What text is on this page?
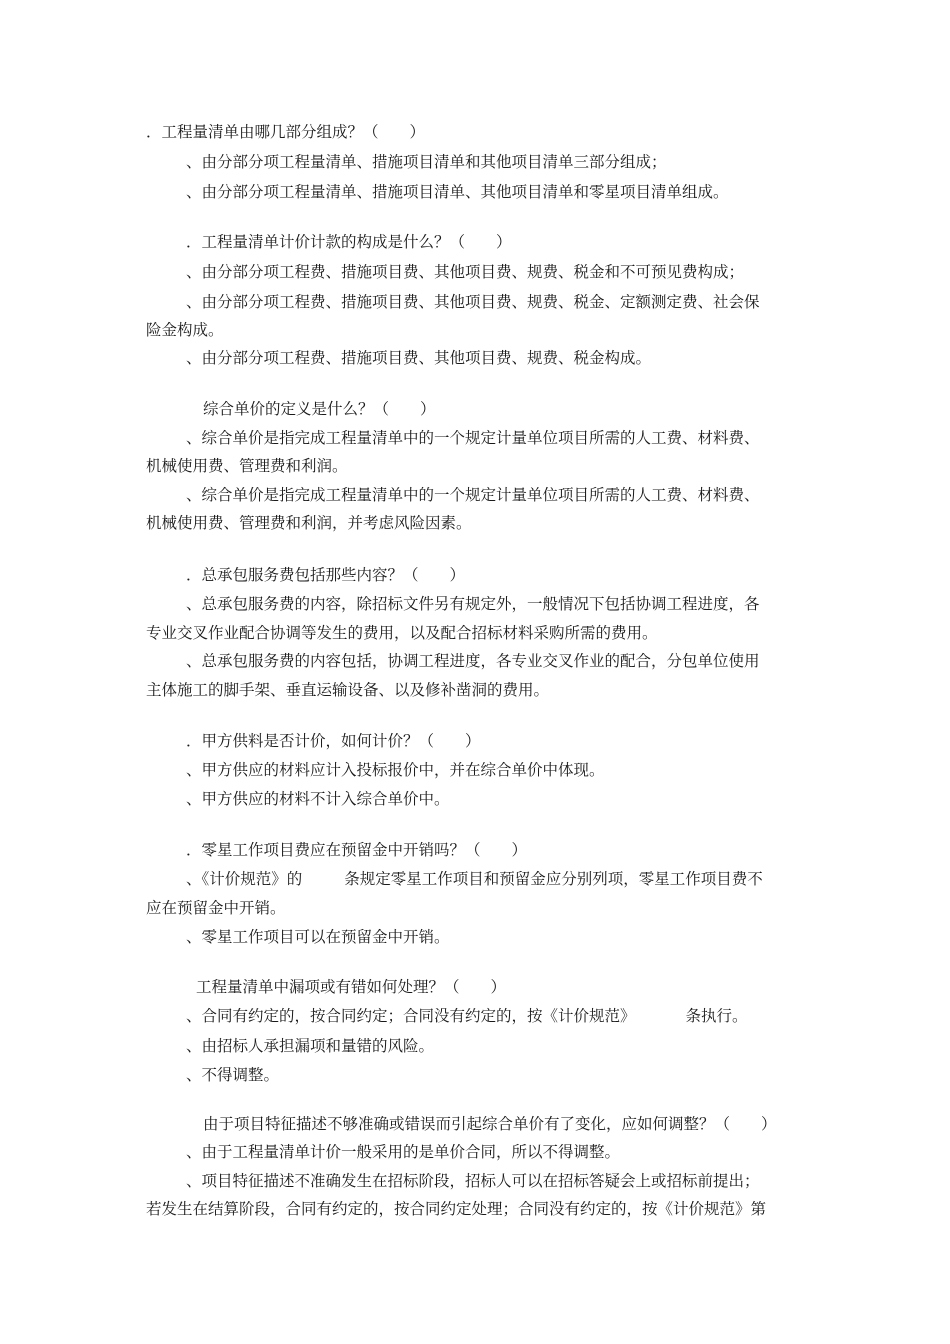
．工程量清单由哪几部分组成？（　　）
、由分部分项工程量清单、措施项目清单和其他项目清单三部分组成；
、由分部分项工程量清单、措施项目清单、其他项目清单和零星项目清单组成。
．工程量清单计价计款的构成是什么？（　　）
、由分部分项工程费、措施项目费、其他项目费、规费、税金和不可预见费构成；
、由分部分项工程费、措施项目费、其他项目费、规费、税金、定额测定费、社会保
险金构成。
、由分部分项工程费、措施项目费、其他项目费、规费、税金构成。
综合单价的定义是什么？（　　）
、综合单价是指完成工程量清单中的一个规定计量单位项目所需的人工费、材料费、
机械使用费、管理费和利润。
、综合单价是指完成工程量清单中的一个规定计量单位项目所需的人工费、材料费、
机械使用费、管理费和利润，并考虑风险因素。
．总承包服务费包括那些内容？（　　）
、总承包服务费的内容，除招标文件另有规定外，一般情况下包括协调工程进度，各
专业交叉作业配合协调等发生的费用，以及配合招标材料采购所需的费用。
、总承包服务费的内容包括，协调工程进度，各专业交叉作业的配合，分包单位使用
主体施工的脚手架、垂直运输设备、以及修补凿洞的费用。
．甲方供料是否计价，如何计价？（　　）
、甲方供应的材料应计入投标报价中，并在综合单价中体现。
、甲方供应的材料不计入综合单价中。
．零星工作项目费应在预留金中开销吗？（　　）
、《计价规范》的	条规定零星工作项目和预留金应分别列项，零星工作项目费不
应在预留金中开销。
、零星工作项目可以在预留金中开销。
工程量清单中漏项或有错如何处理？（　　）
、合同有约定的，按合同约定；合同没有约定的，按《计价规范》	条执行。
、由招标人承担漏项和量错的风险。
、不得调整。
由于项目特征描述不够准确或错误而引起综合单价有了变化，应如何调整？（　　）
、由于工程量清单计价一般采用的是单价合同，所以不得调整。
、项目特征描述不准确发生在招标阶段，招标人可以在招标答疑会上或招标前提出；
若发生在结算阶段，合同有约定的，按合同约定处理；合同没有约定的，按《计价规范》第
